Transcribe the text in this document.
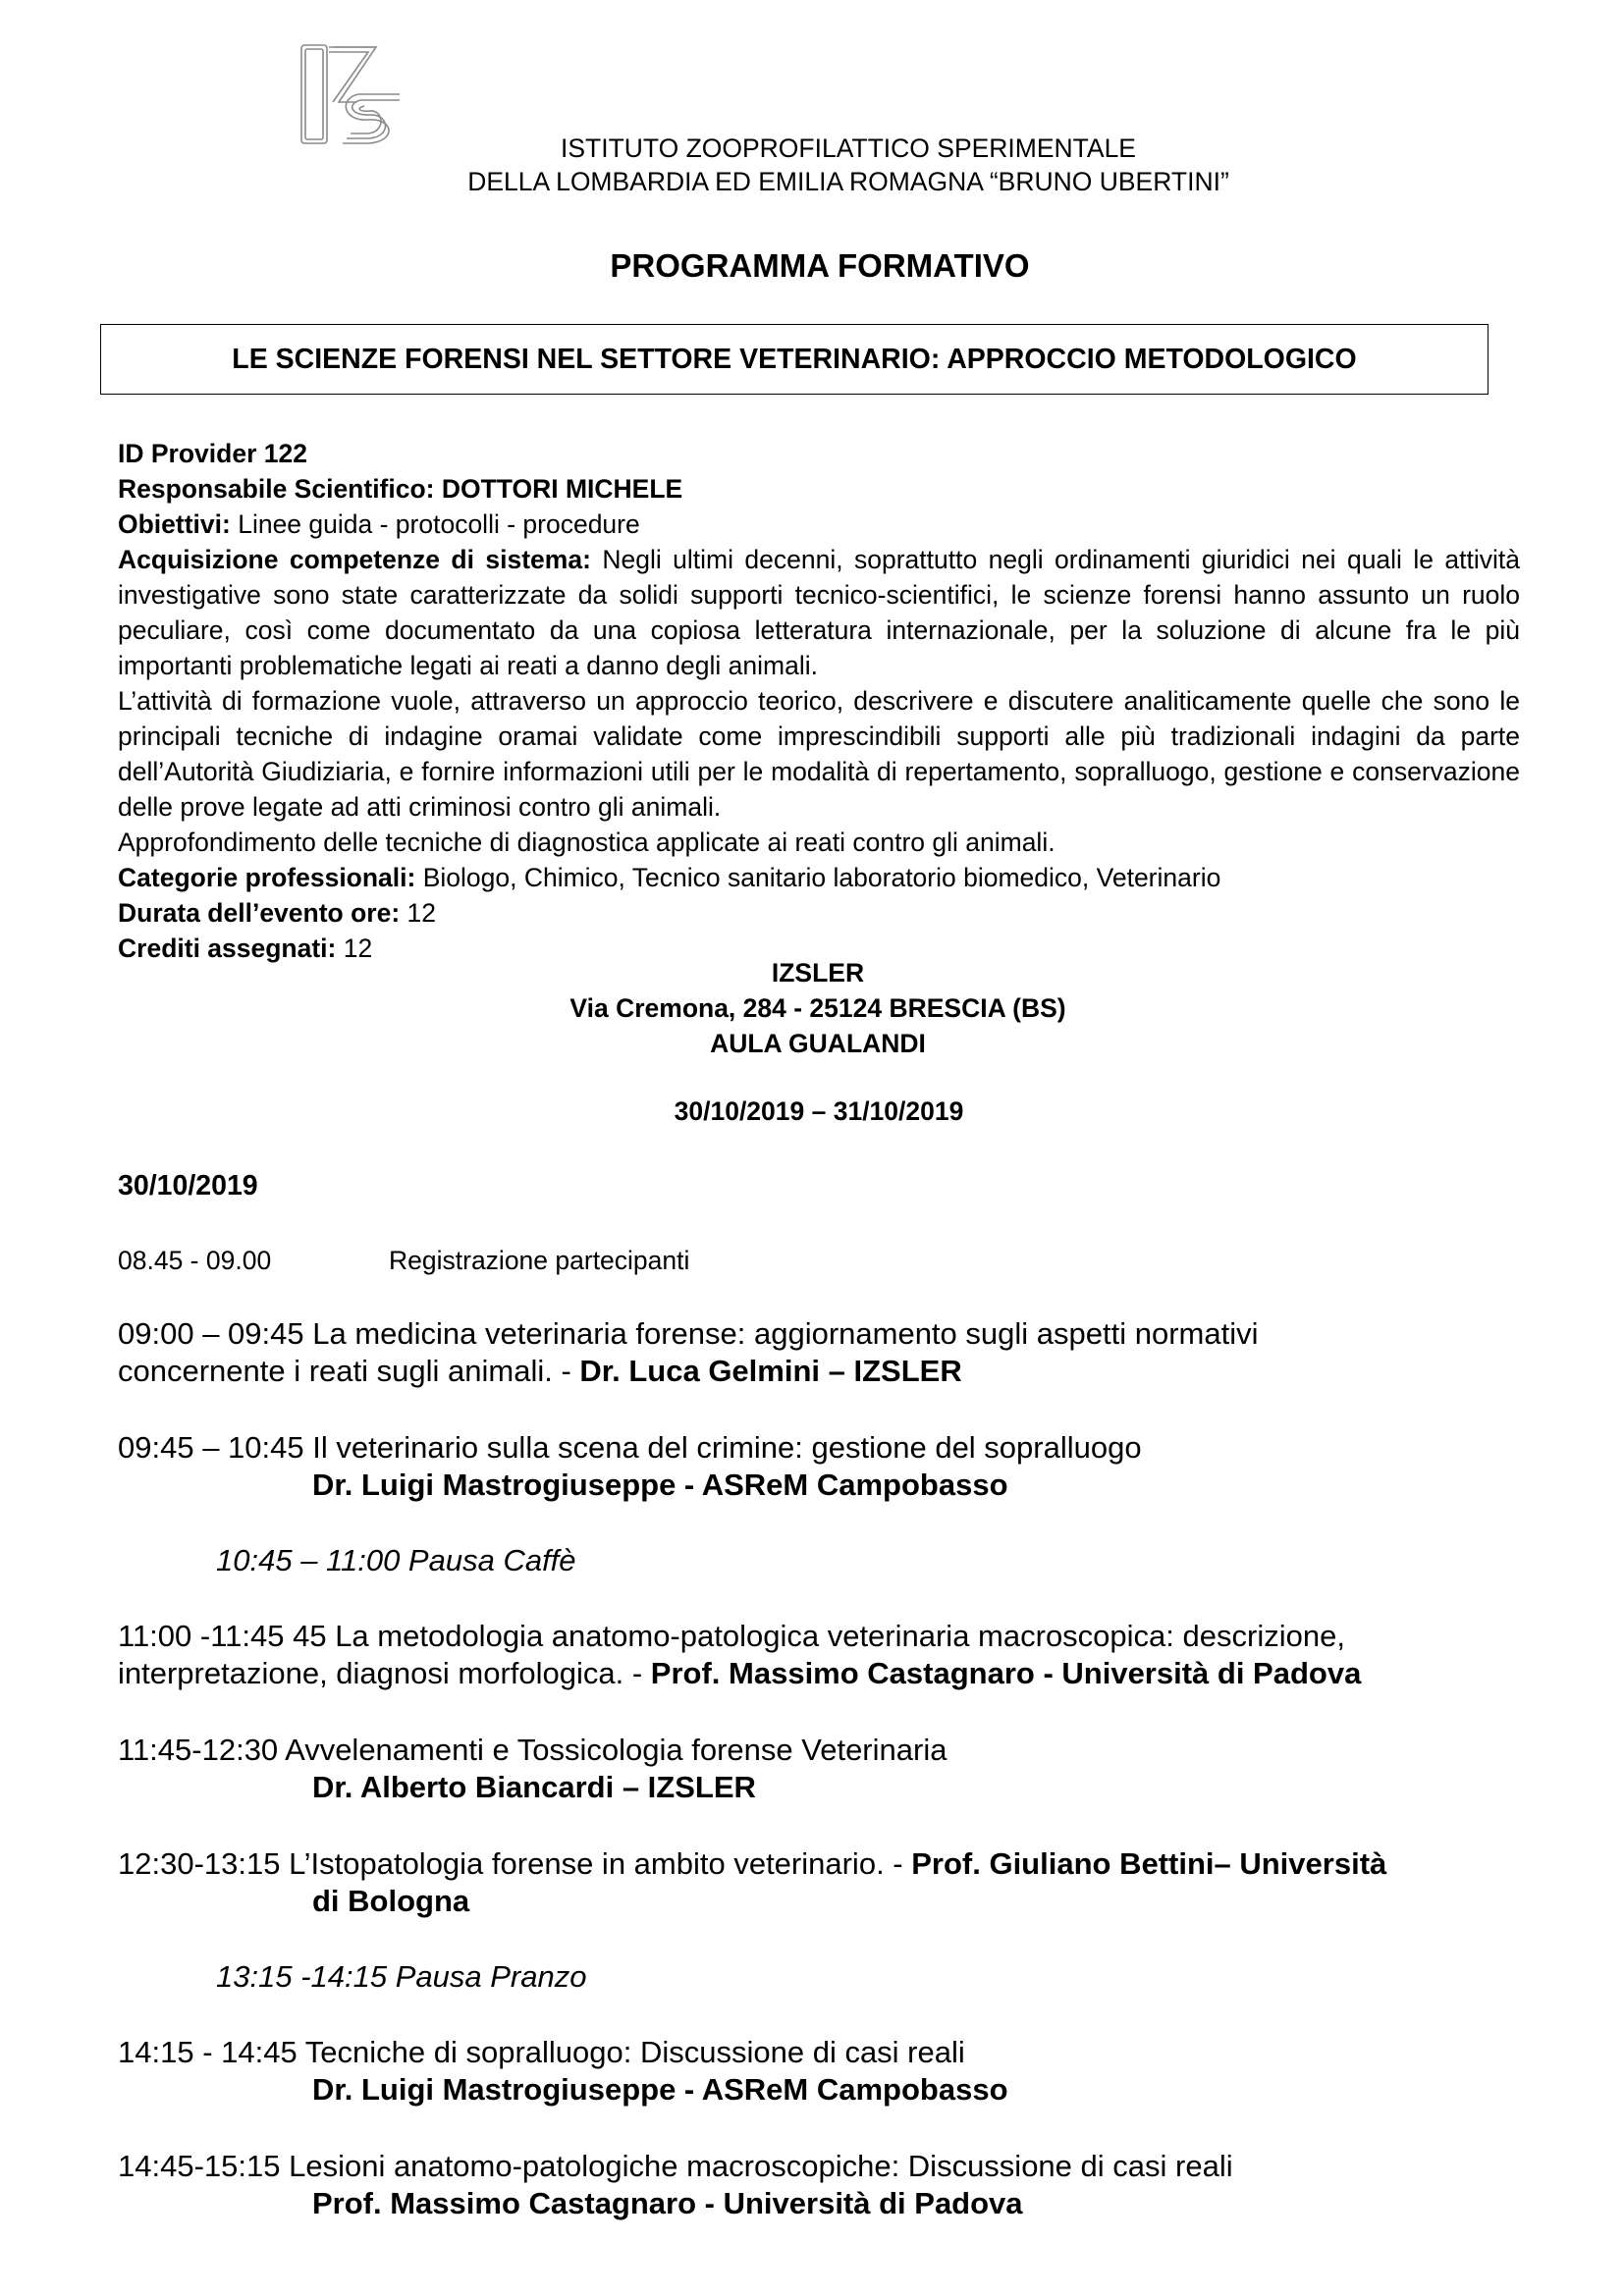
ISTITUTO ZOOPROFILATTICO SPERIMENTALE
DELLA LOMBARDIA ED EMILIA ROMAGNA “BRUNO UBERTINI”
PROGRAMMA FORMATIVO
LE SCIENZE FORENSI NEL SETTORE VETERINARIO: APPROCCIO METODOLOGICO
ID Provider 122
Responsabile Scientifico: DOTTORI MICHELE
Obiettivi: Linee guida - protocolli - procedure
Acquisizione competenze di sistema: Negli ultimi decenni, soprattutto negli ordinamenti giuridici nei quali le attività investigative sono state caratterizzate da solidi supporti tecnico-scientifici, le scienze forensi hanno assunto un ruolo peculiare, così come documentato da una copiosa letteratura internazionale, per la soluzione di alcune fra le più importanti problematiche legati ai reati a danno degli animali.
L’attività di formazione vuole, attraverso un approccio teorico, descrivere e discutere analiticamente quelle che sono le principali tecniche di indagine oramai validate come imprescindibili supporti alle più tradizionali indagini da parte dell’Autorità Giudiziaria, e fornire informazioni utili per le modalità di repertamento, sopralluogo, gestione e conservazione delle prove legate ad atti criminosi contro gli animali.
Approfondimento delle tecniche di diagnostica applicate ai reati contro gli animali.
Categorie professionali: Biologo, Chimico, Tecnico sanitario laboratorio biomedico, Veterinario
Durata dell’evento ore: 12
Crediti assegnati: 12
IZSLER
Via Cremona, 284 - 25124 BRESCIA (BS)
AULA GUALANDI
30/10/2019 – 31/10/2019
30/10/2019
08.45 - 09.00	Registrazione partecipanti
09:00 – 09:45 La medicina veterinaria forense: aggiornamento sugli aspetti normativi
concernente i reati sugli animali. - Dr. Luca Gelmini – IZSLER
09:45 – 10:45 Il veterinario sulla scena del crimine: gestione del sopralluogo
Dr. Luigi Mastrogiuseppe - ASReM Campobasso
10:45 – 11:00 Pausa Caffè
11:00 -11:45 45 La metodologia anatomo-patologica veterinaria macroscopica: descrizione,
interpretazione, diagnosi morfologica. - Prof. Massimo Castagnaro - Università di Padova
11:45-12:30 Avvelenamenti e Tossicologia forense Veterinaria
Dr. Alberto Biancardi – IZSLER
12:30-13:15 L’Istopatologia forense in ambito veterinario. - Prof. Giuliano Bettini– Università
di Bologna
13:15 -14:15 Pausa Pranzo
14:15 - 14:45 Tecniche di sopralluogo: Discussione di casi reali
Dr. Luigi Mastrogiuseppe - ASReM Campobasso
14:45-15:15 Lesioni anatomo-patologiche macroscopiche: Discussione di casi reali
Prof. Massimo Castagnaro - Università di Padova
